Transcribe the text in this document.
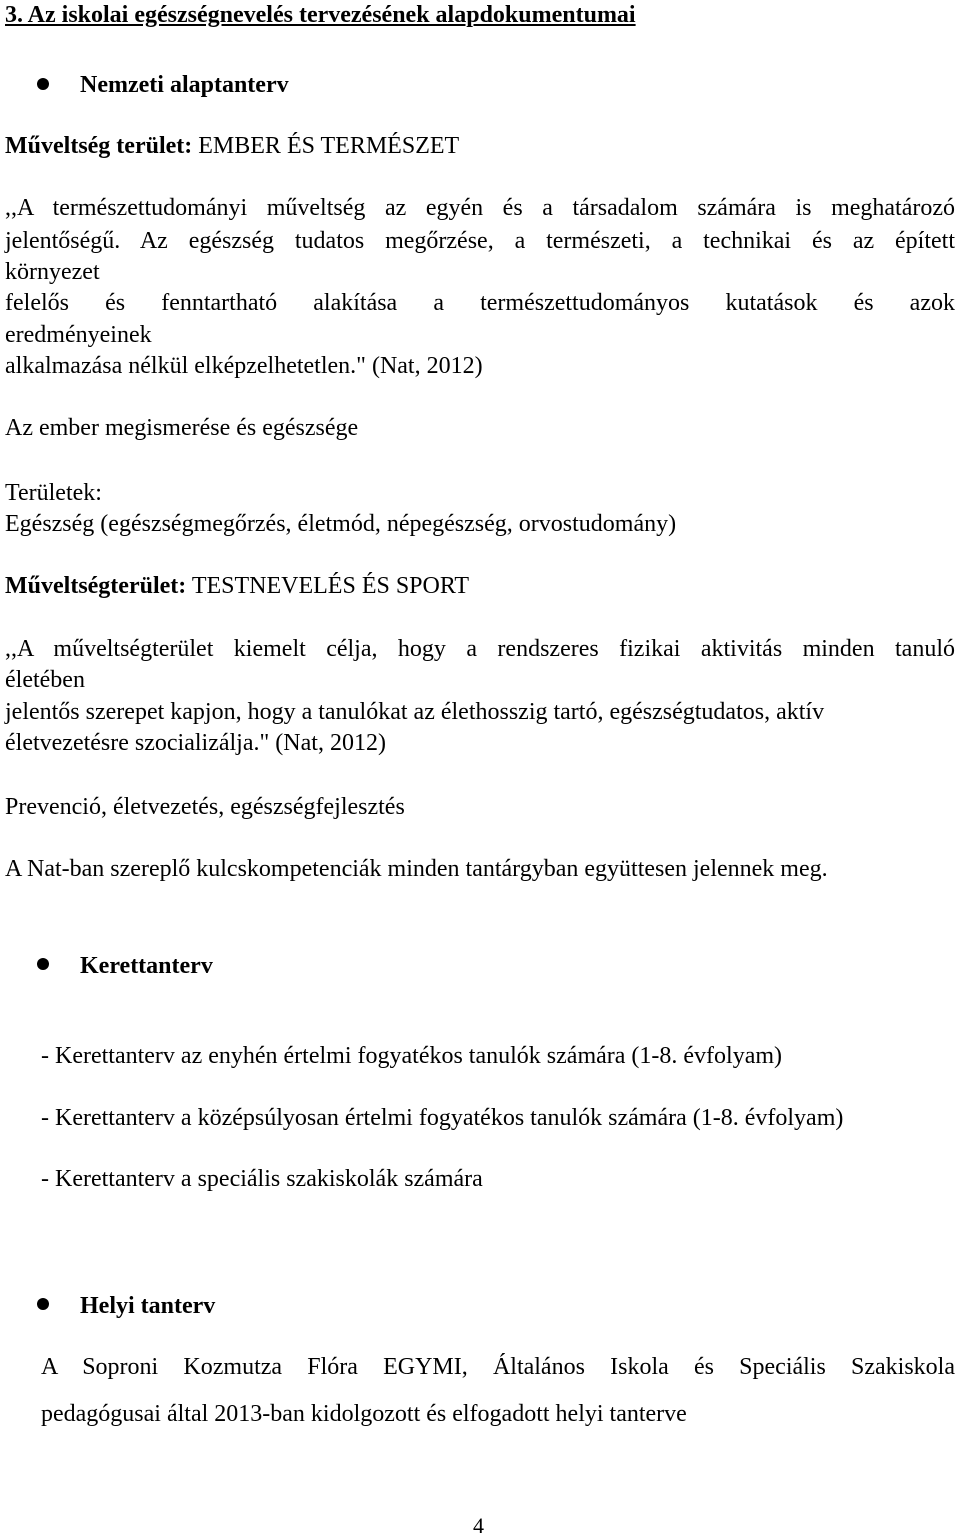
3. Az iskolai egészségnevelés tervezésének alapdokumentumai
Nemzeti alaptanterv
Műveltség terület: EMBER ÉS TERMÉSZET
,,A természettudományi műveltség az egyén és a társadalom számára is meghatározó
jelentőségű. Az egészség tudatos megőrzése, a természeti, a technikai és az épített
környezet
felelős és fenntartható alakítása a természettudományos kutatások és azok
eredményeinek
alkalmazása nélkül elképzelhetetlen." (Nat, 2012)
Az ember megismerése és egészsége
Területek:
Egészség (egészségmegőrzés, életmód, népegészség, orvostudomány)
Műveltségterület: TESTNEVELÉS ÉS SPORT
,,A műveltségterület kiemelt célja, hogy a rendszeres fizikai aktivitás minden tanuló
életében
jelentős szerepet kapjon, hogy a tanulókat az élethosszig tartó, egészségtudatos, aktív
életvezetésre szocializálja." (Nat, 2012)
Prevenció, életvezetés, egészségfejlesztés
A Nat-ban szereplő kulcskompetenciák minden tantárgyban együttesen jelennek meg.
Kerettanterv
- Kerettanterv az enyhén értelmi fogyatékos tanulók számára (1-8. évfolyam)
- Kerettanterv a középsúlyosan értelmi fogyatékos tanulók számára (1-8. évfolyam)
- Kerettanterv a speciális szakiskolák számára
Helyi tanterv
A Soproni Kozmutza Flóra EGYMI, Általános Iskola és Speciális Szakiskola
pedagógusai által 2013-ban kidolgozott és elfogadott helyi tanterve
4
